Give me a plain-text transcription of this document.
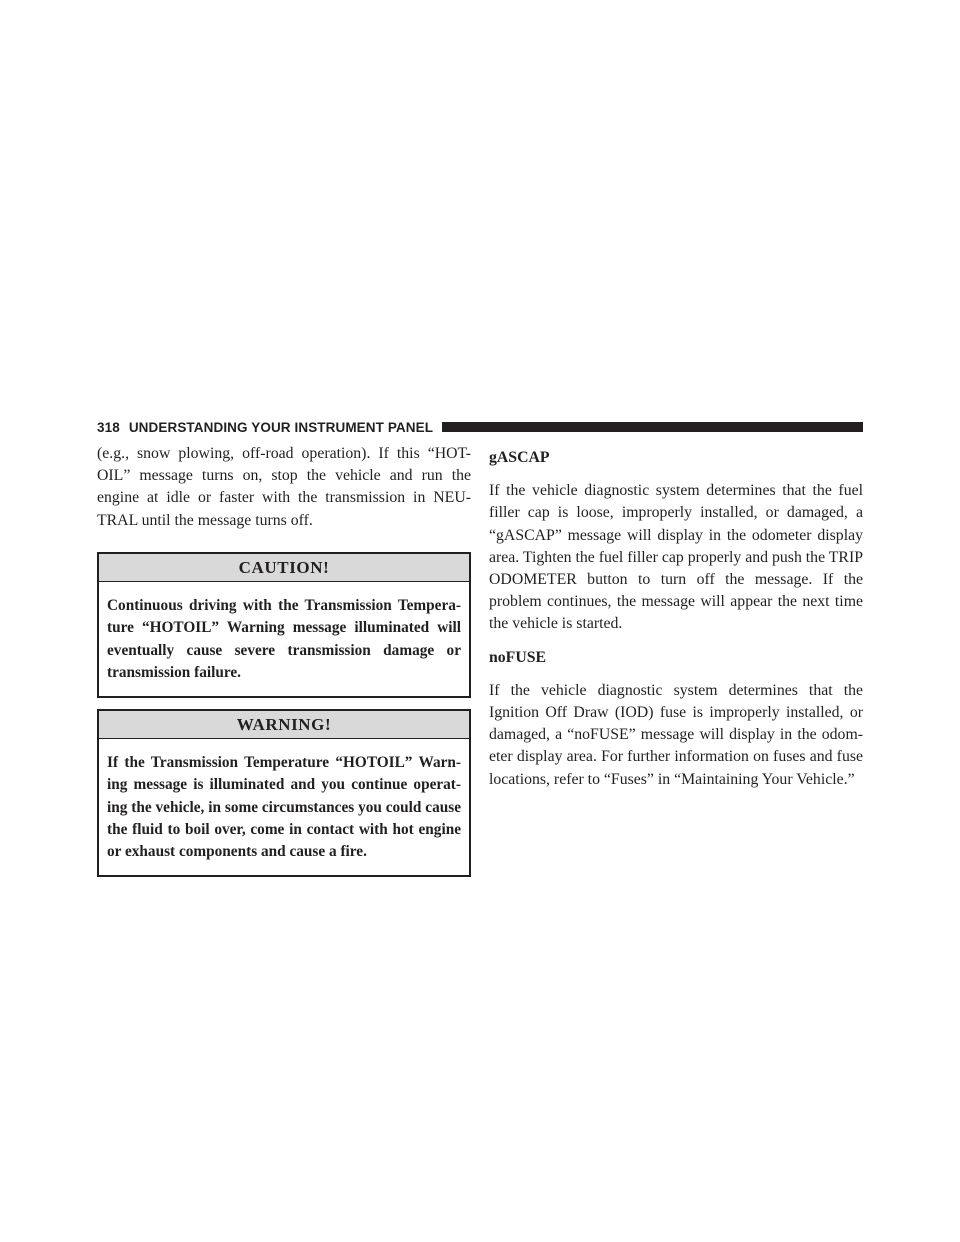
318 UNDERSTANDING YOUR INSTRUMENT PANEL

(e.g., snow plowing, off-road operation). If this “HOT-OIL” message turns on, stop the vehicle and run the engine at idle or faster with the transmission in NEU-TRAL until the message turns off.

CAUTION!
Continuous driving with the Transmission Tempera-ture “HOTOIL” Warning message illuminated will eventually cause severe transmission damage or transmission failure.
WARNING!
If the Transmission Temperature “HOTOIL” Warn-ing message is illuminated and you continue operat-ing the vehicle, in some circumstances you could cause the fluid to boil over, come in contact with hot engine or exhaust components and cause a fire.
gASCAP

If the vehicle diagnostic system determines that the fuel filler cap is loose, improperly installed, or damaged, a “gASCAP” message will display in the odometer display area. Tighten the fuel filler cap properly and push the TRIP ODOMETER button to turn off the message. If the problem continues, the message will appear the next time the vehicle is started.

noFUSE

If the vehicle diagnostic system determines that the Ignition Off Draw (IOD) fuse is improperly installed, or damaged, a “noFUSE” message will display in the odom-eter display area. For further information on fuses and fuse locations, refer to “Fuses” in “Maintaining Your Vehicle.”
